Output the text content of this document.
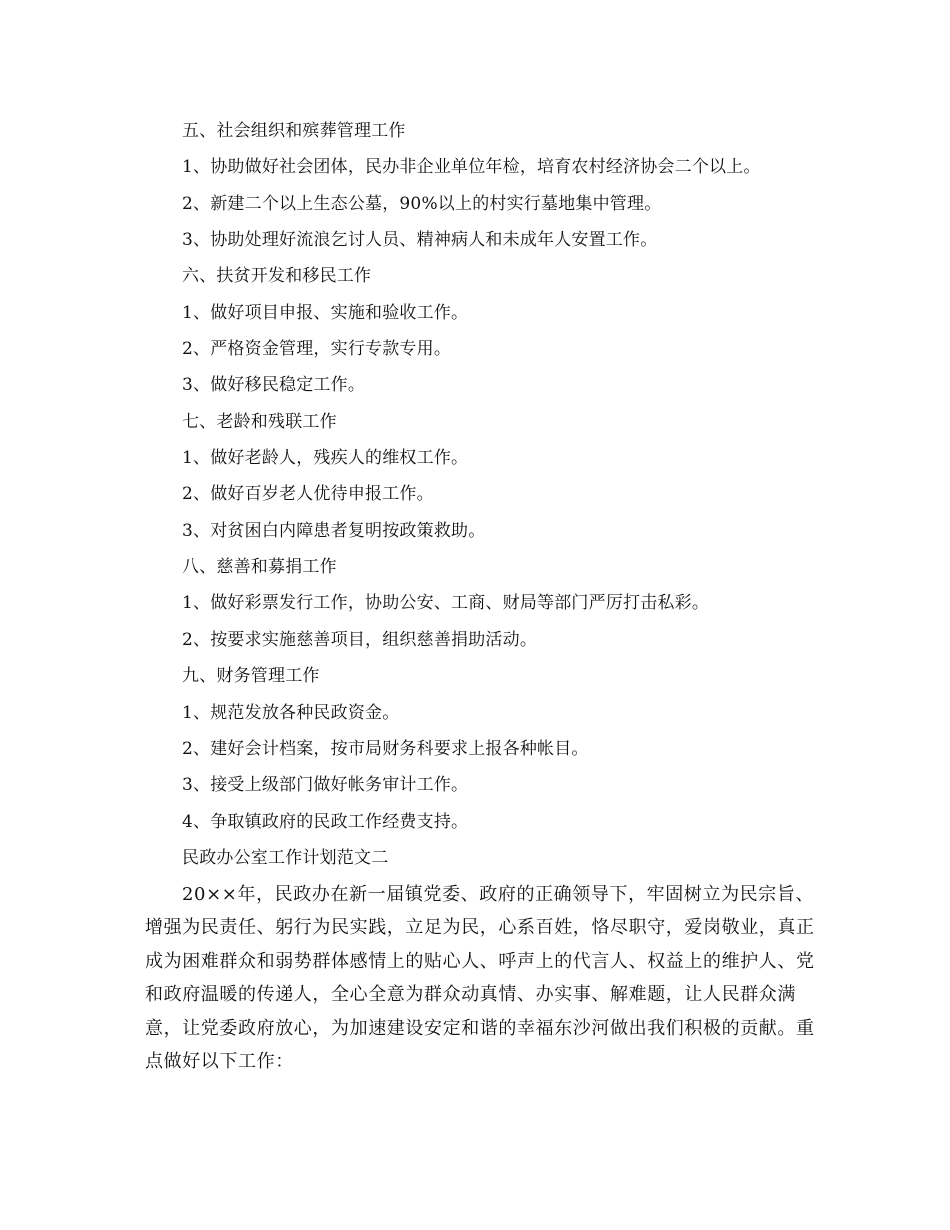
五、社会组织和殡葬管理工作
1、协助做好社会团体，民办非企业单位年检，培育农村经济协会二个以上。
2、新建二个以上生态公墓，90%以上的村实行墓地集中管理。
3、协助处理好流浪乞讨人员、精神病人和未成年人安置工作。
六、扶贫开发和移民工作
1、做好项目申报、实施和验收工作。
2、严格资金管理，实行专款专用。
3、做好移民稳定工作。
七、老龄和残联工作
1、做好老龄人，残疾人的维权工作。
2、做好百岁老人优待申报工作。
3、对贫困白内障患者复明按政策救助。
八、慈善和募捐工作
1、做好彩票发行工作，协助公安、工商、财局等部门严厉打击私彩。
2、按要求实施慈善项目，组织慈善捐助活动。
九、财务管理工作
1、规范发放各种民政资金。
2、建好会计档案，按市局财务科要求上报各种帐目。
3、接受上级部门做好帐务审计工作。
4、争取镇政府的民政工作经费支持。
民政办公室工作计划范文二
20××年，民政办在新一届镇党委、政府的正确领导下，牢固树立为民宗旨、增强为民责任、躬行为民实践，立足为民，心系百姓，恪尽职守，爱岗敬业，真正成为困难群众和弱势群体感情上的贴心人、呼声上的代言人、权益上的维护人、党和政府温暖的传递人，全心全意为群众动真情、办实事、解难题，让人民群众满意，让党委政府放心，为加速建设安定和谐的幸福东沙河做出我们积极的贡献。重点做好以下工作：
